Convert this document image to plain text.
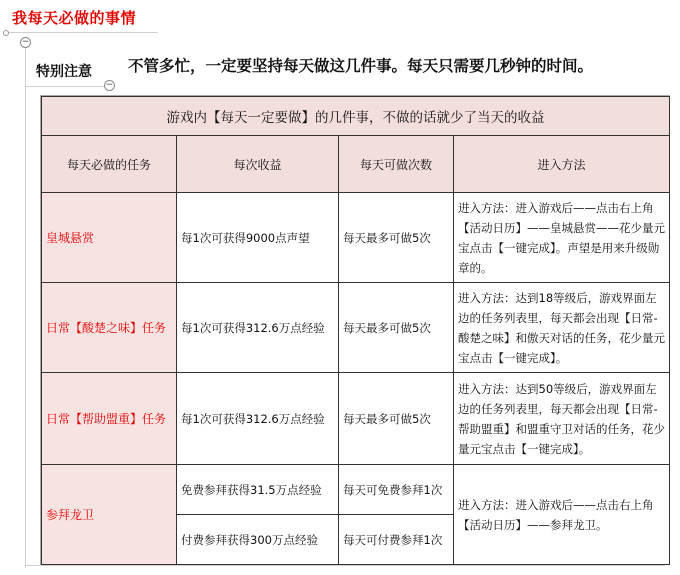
我每天必做的事情
−
−
特别注意 不管多忙，一定要坚持每天做这几件事。每天只需要几秒钟的时间。
游戏内【每天一定要做】的几件事，不做的话就少了当天的收益			
每天必做的任务	每次收益	每天可做次数	进入方法
皇城悬赏	每1次可获得9000点声望	每天最多可做5次	进入方法：进入游戏后——点击右上角【活动日历】——皇城悬赏——花少量元宝点击【一键完成】。声望是用来升级勋章的。
日常【酸楚之味】任务	每1次可获得312.6万点经验	每天最多可做5次	进入方法：达到18等级后，游戏界面左边的任务列表里，每天都会出现【日常-酸楚之味】和傲天对话的任务，花少量元宝点击【一键完成】。
日常【帮助盟重】任务	每1次可获得312.6万点经验	每天最多可做5次	进入方法：达到50等级后，游戏界面左边的任务列表里，每天都会出现【日常-帮助盟重】和盟重守卫对话的任务，花少量元宝点击【一键完成】。
参拜龙卫	免费参拜获得31.5万点经验	每天可免费参拜1次	进入方法：进入游戏后——点击右上角【活动日历】——参拜龙卫。
	付费参拜获得300万点经验	每天可付费参拜1次	
